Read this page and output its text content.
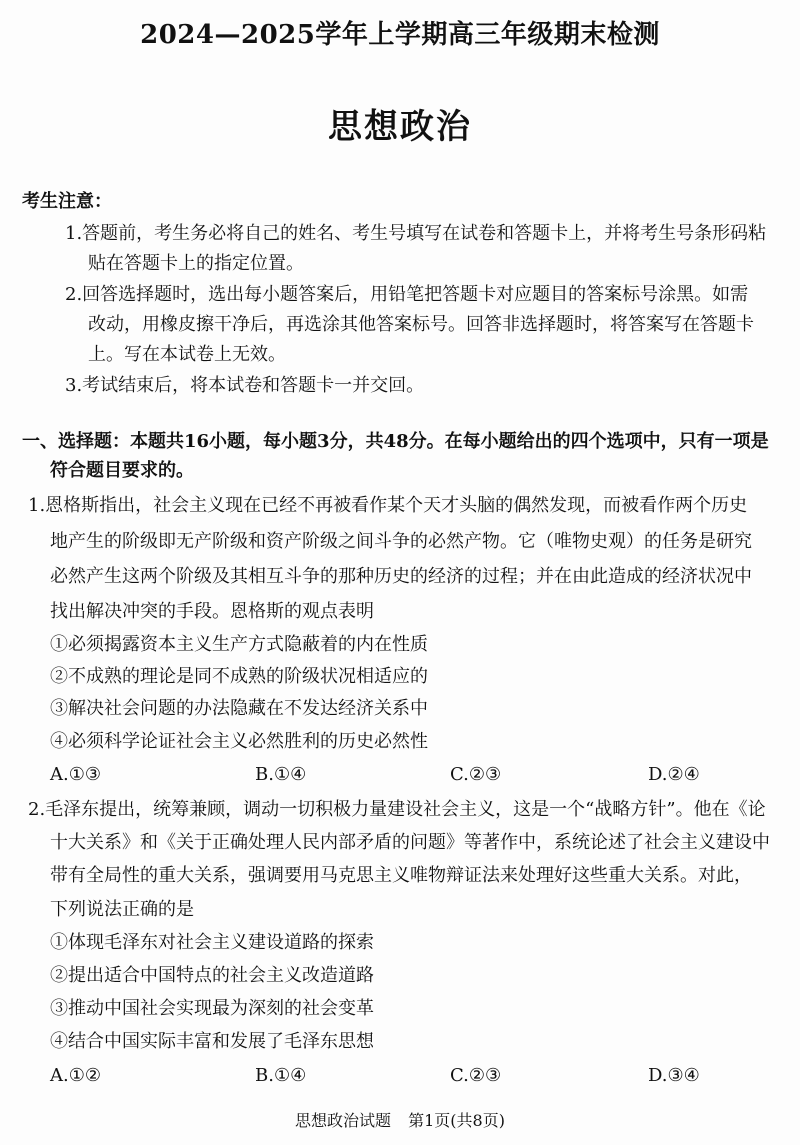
2024—2025学年上学期高三年级期末检测
思想政治
考生注意：
1.答题前，考生务必将自己的姓名、考生号填写在试卷和答题卡上，并将考生号条形码粘
贴在答题卡上的指定位置。
2.回答选择题时，选出每小题答案后，用铅笔把答题卡对应题目的答案标号涂黑。如需
改动，用橡皮擦干净后，再选涂其他答案标号。回答非选择题时，将答案写在答题卡
上。写在本试卷上无效。
3.考试结束后，将本试卷和答题卡一并交回。
一、选择题：本题共16小题，每小题3分，共48分。在每小题给出的四个选项中，只有一项是
符合题目要求的。
1.恩格斯指出，社会主义现在已经不再被看作某个天才头脑的偶然发现，而被看作两个历史
地产生的阶级即无产阶级和资产阶级之间斗争的必然产物。它（唯物史观）的任务是研究
必然产生这两个阶级及其相互斗争的那种历史的经济的过程；并在由此造成的经济状况中
找出解决冲突的手段。恩格斯的观点表明
①必须揭露资本主义生产方式隐蔽着的内在性质
②不成熟的理论是同不成熟的阶级状况相适应的
③解决社会问题的办法隐藏在不发达经济关系中
④必须科学论证社会主义必然胜利的历史必然性
A.①③	B.①④	C.②③	D.②④
2.毛泽东提出，统筹兼顾，调动一切积极力量建设社会主义，这是一个“战略方针”。他在《论
十大关系》和《关于正确处理人民内部矛盾的问题》等著作中，系统论述了社会主义建设中
带有全局性的重大关系，强调要用马克思主义唯物辩证法来处理好这些重大关系。对此，
下列说法正确的是
①体现毛泽东对社会主义建设道路的探索
②提出适合中国特点的社会主义改造道路
③推动中国社会实现最为深刻的社会变革
④结合中国实际丰富和发展了毛泽东思想
A.①②	B.①④	C.②③	D.③④
思想政治试题 第1页(共8页)
